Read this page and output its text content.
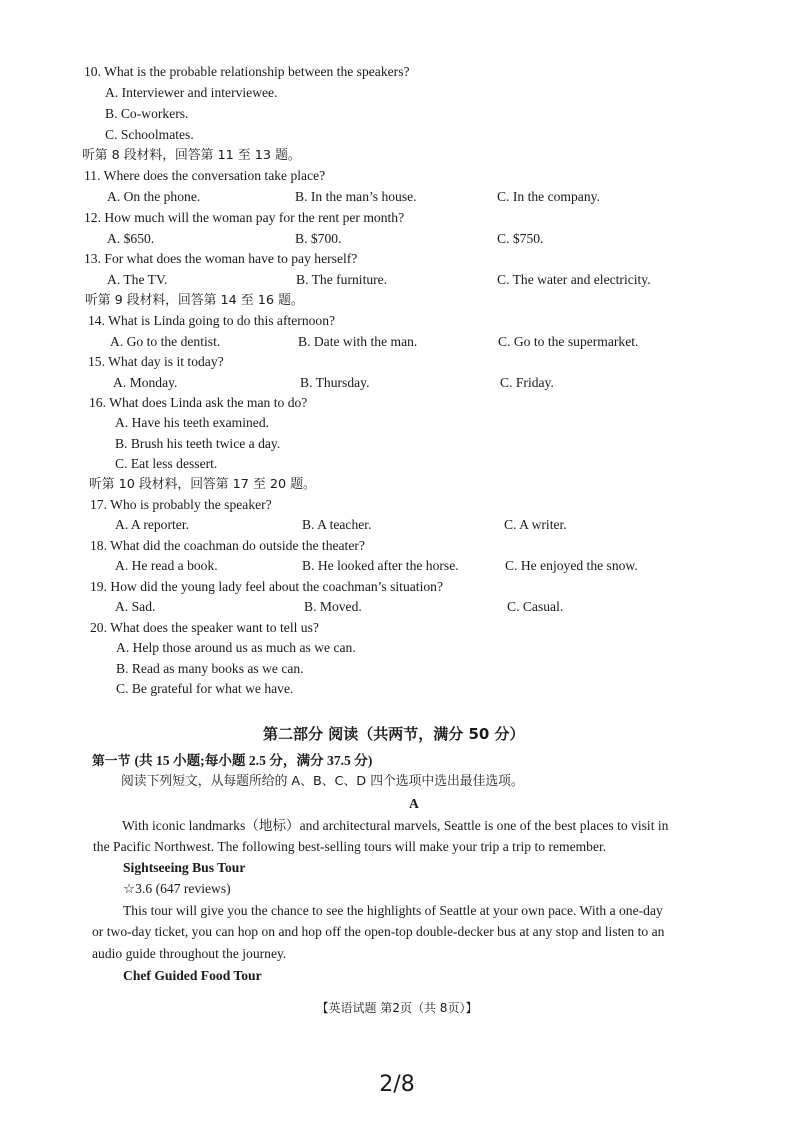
10. What is the probable relationship between the speakers?
A. Interviewer and interviewee.
B. Co-workers.
C. Schoolmates.
听第 8 段材料，回答第 11 至 13 题。
11. Where does the conversation take place?
A. On the phone.	B. In the man’s house.	C. In the company.
12. How much will the woman pay for the rent per month?
A. $650.	B. $700.	C. $750.
13. For what does the woman have to pay herself?
A. The TV.	B. The furniture.	C. The water and electricity.
听第 9 段材料，回答第 14 至 16 题。
14. What is Linda going to do this afternoon?
A. Go to the dentist.	B. Date with the man.	C. Go to the supermarket.
15. What day is it today?
A. Monday.	B. Thursday.	C. Friday.
16. What does Linda ask the man to do?
A. Have his teeth examined.
B. Brush his teeth twice a day.
C. Eat less dessert.
听第 10 段材料，回答第 17 至 20 题。
17. Who is probably the speaker?
A. A reporter.	B. A teacher.	C. A writer.
18. What did the coachman do outside the theater?
A. He read a book.	B. He looked after the horse.	C. He enjoyed the snow.
19. How did the young lady feel about the coachman’s situation?
A. Sad.	B. Moved.	C. Casual.
20. What does the speaker want to tell us?
A. Help those around us as much as we can.
B. Read as many books as we can.
C. Be grateful for what we have.
第二部分 阅读（共两节，满分 50 分）
第一节 (共 15 小题;每小题 2.5 分，满分 37.5 分)
阅读下列短文，从每题所给的 A、B、C、D 四个选项中选出最佳选项。
A
With iconic landmarks（地标）and architectural marvels, Seattle is one of the best places to visit in
the Pacific Northwest. The following best-selling tours will make your trip a trip to remember.
Sightseeing Bus Tour
☆3.6 (647 reviews)
This tour will give you the chance to see the highlights of Seattle at your own pace. With a one-day
or two-day ticket, you can hop on and hop off the open-top double-decker bus at any stop and listen to an
audio guide throughout the journey.
Chef Guided Food Tour
【英语试题 第2页（共 8页）】
2/8
